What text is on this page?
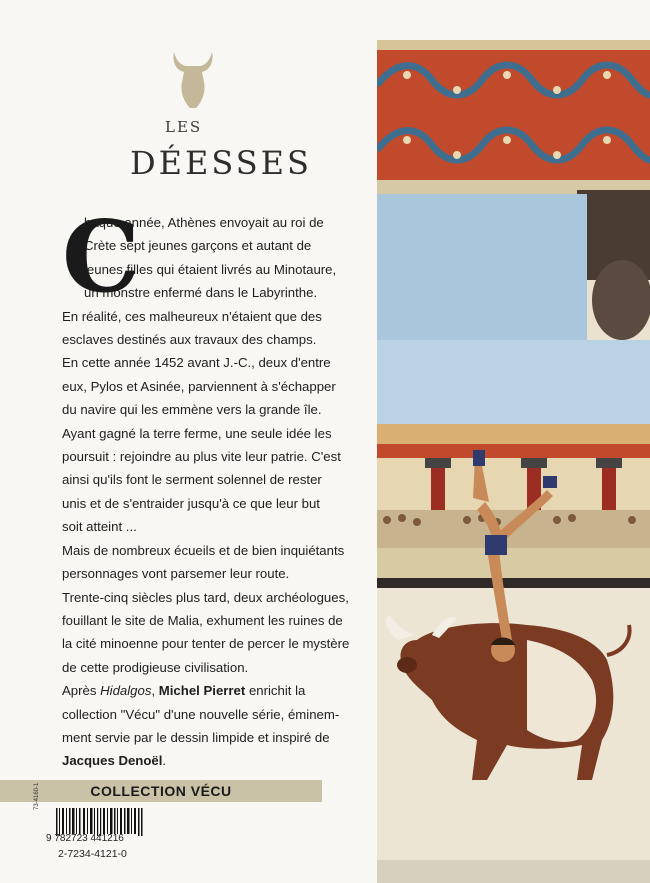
LES
DÉESSES
C
haque année, Athènes envoyait au roi de
Crète sept jeunes garçons et autant de
jeunes filles qui étaient livrés au Minotaure,
un monstre enfermé dans le Labyrinthe.
En réalité, ces malheureux n'étaient que des
esclaves destinés aux travaux des champs.
En cette année 1452 avant J.-C., deux d'entre
eux, Pylos et Asinée, parviennent à s'échapper
du navire qui les emmène vers la grande île.
Ayant gagné la terre ferme, une seule idée les
poursuit : rejoindre au plus vite leur patrie. C'est
ainsi qu'ils font le serment solennel de rester
unis et de s'entraider jusqu'à ce que leur but
soit atteint ...
Mais de nombreux écueils et de bien inquiétants
personnages vont parsemer leur route.
Trente-cinq siècles plus tard, deux archéologues,
fouillant le site de Malia, exhument les ruines de
la cité minoenne pour tenter de percer le mystère
de cette prodigieuse civilisation.
Après Hidalgos, Michel Pierret enrichit la
collection "Vécu" d'une nouvelle série, éminem-
ment servie par le dessin limpide et inspiré de
Jacques Denoël.
COLLECTION VÉCU
73-4160-1
9 782723 441216
2-7234-4121-0
